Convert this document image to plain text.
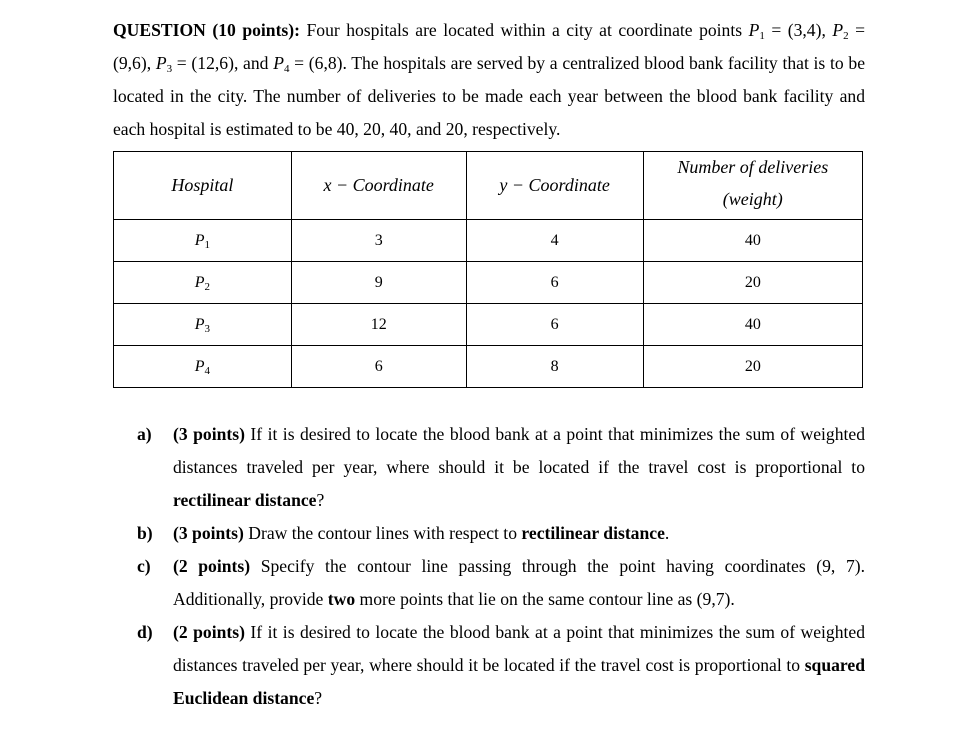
QUESTION (10 points): Four hospitals are located within a city at coordinate points $P_1 = (3,4)$, $P_2 = (9,6)$, $P_3 = (12,6)$, and $P_4 = (6,8)$. The hospitals are served by a centralized blood bank facility that is to be located in the city. The number of deliveries to be made each year between the blood bank facility and each hospital is estimated to be 40, 20, 40, and 20, respectively.
Hospital	x − Coordinate	y − Coordinate	Number of deliveries
(weight)
$P_1$	3	4	40
$P_2$	9	6	20
$P_3$	12	6	40
$P_4$	6	8	20
a) (3 points) If it is desired to locate the blood bank at a point that minimizes the sum of weighted distances traveled per year, where should it be located if the travel cost is proportional to rectilinear distance?
b) (3 points) Draw the contour lines with respect to rectilinear distance.
c) (2 points) Specify the contour line passing through the point having coordinates (9, 7). Additionally, provide two more points that lie on the same contour line as (9,7).
d) (2 points) If it is desired to locate the blood bank at a point that minimizes the sum of weighted distances traveled per year, where should it be located if the travel cost is proportional to squared Euclidean distance?
